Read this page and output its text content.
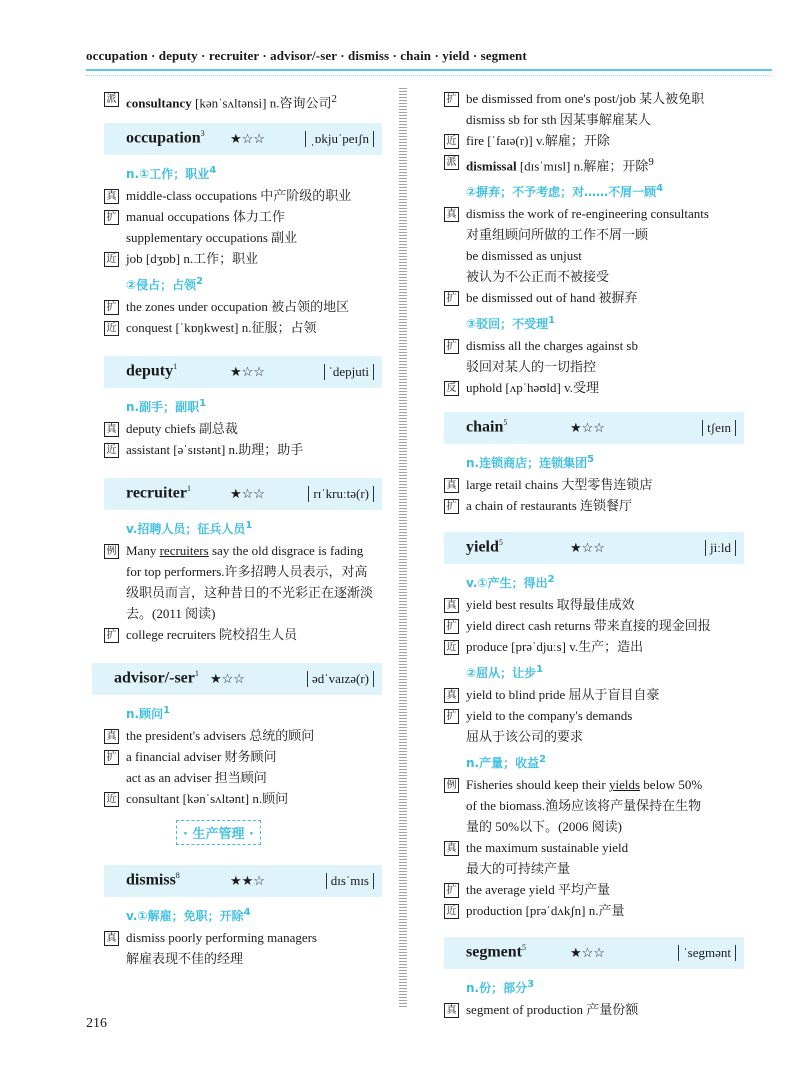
occupation · deputy · recruiter · advisor/-ser · dismiss · chain · yield · segment
派 consultancy [kənˈsʌltənsi] n.咨询公司$^2$
occupation$^3$ ★☆☆	ˌɒkjuˈpeɪʃn
n.①工作；职业$^4$
真 middle-class occupations 中产阶级的职业
扩 manual occupations 体力工作
supplementary occupations 副业
近 job [dʒɒb] n.工作；职业
②侵占；占领$^2$
扩 the zones under occupation 被占领的地区
近 conquest [ˈkɒŋkwest] n.征服；占领
deputy$^1$	★☆☆	ˈdepjuti
n.副手；副职$^1$
真 deputy chiefs 副总裁
近 assistant [əˈsɪstənt] n.助理；助手
recruiter$^1$	★☆☆	rɪˈkruːtə(r)
v.招聘人员；征兵人员$^1$
例 Many recruiters say the old disgrace is fading
for top performers.许多招聘人员表示，对高
级职员而言，这种昔日的不光彩正在逐渐淡
去。(2011 阅读)
扩 college recruiters 院校招生人员
advisor/-ser$^1$ ★☆☆	ədˈvaɪzə(r)
n.顾问$^1$
真 the president's advisers 总统的顾问
扩 a financial adviser 财务顾问
act as an adviser 担当顾问
近 consultant [kənˈsʌltənt] n.顾问
· 生产管理 ·
dismiss$^8$	★★☆	dɪsˈmɪs
v.①解雇；免职；开除$^4$
真 dismiss poorly performing managers
解雇表现不佳的经理
扩 be dismissed from one's post/job 某人被免职
dismiss sb for sth 因某事解雇某人
近 fire [ˈfaɪə(r)] v.解雇；开除
派 dismissal [dɪsˈmɪsl] n.解雇；开除$^9$
②摒弃；不予考虑；对……不屑一顾$^4$
真 dismiss the work of re-engineering consultants
对重组顾问所做的工作不屑一顾
be dismissed as unjust
被认为不公正而不被接受
扩 be dismissed out of hand 被摒弃
③驳回；不受理$^1$
扩 dismiss all the charges against sb
驳回对某人的一切指控
反 uphold [ʌpˈhəʊld] v.受理
chain$^5$	★☆☆	tʃeɪn
n.连锁商店；连锁集团$^5$
真 large retail chains 大型零售连锁店
扩 a chain of restaurants 连锁餐厅
yield$^5$	★☆☆	jiːld
v.①产生；得出$^2$
真 yield best results 取得最佳成效
扩 yield direct cash returns 带来直接的现金回报
近 produce [prəˈdjuːs] v.生产；造出
②屈从；让步$^1$
真 yield to blind pride 屈从于盲目自豪
扩 yield to the company's demands
屈从于该公司的要求
n.产量；收益$^2$
例 Fisheries should keep their yields below 50%
of the biomass.渔场应该将产量保持在生物
量的 50%以下。(2006 阅读)
真 the maximum sustainable yield
最大的可持续产量
扩 the average yield 平均产量
近 production [prəˈdʌkʃn] n.产量
segment$^5$	★☆☆	ˈsegmənt
n.份；部分$^3$
真 segment of production 产量份额
216
